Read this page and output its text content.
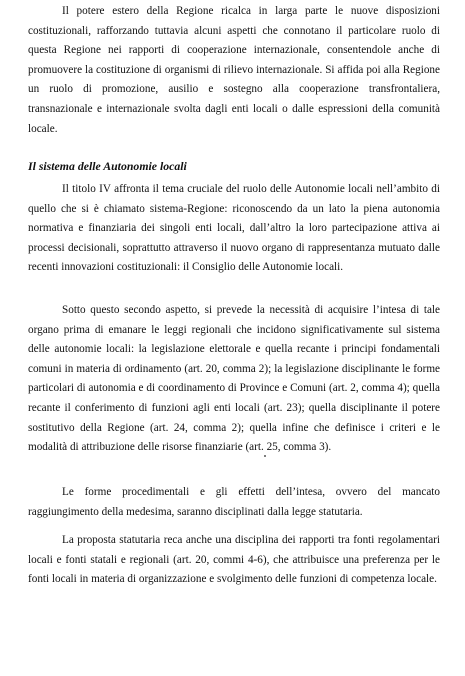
Il potere estero della Regione ricalca in larga parte le nuove disposizioni costituzionali, rafforzando tuttavia alcuni aspetti che connotano il particolare ruolo di questa Regione nei rapporti di cooperazione internazionale, consentendole anche di promuovere la costituzione di organismi di rilievo internazionale. Si affida poi alla Regione un ruolo di promozione, ausilio e sostegno alla cooperazione transfrontaliera, transnazionale e internazionale svolta dagli enti locali o dalle espressioni della comunità locale.

Il sistema delle Autonomie locali

Il titolo IV affronta il tema cruciale del ruolo delle Autonomie locali nell’ambito di quello che si è chiamato sistema-Regione: riconoscendo da un lato la piena autonomia normativa e finanziaria dei singoli enti locali, dall’altro la loro partecipazione attiva ai processi decisionali, soprattutto attraverso il nuovo organo di rappresentanza mutuato dalle recenti innovazioni costituzionali: il Consiglio delle Autonomie locali.

Sotto questo secondo aspetto, si prevede la necessità di acquisire l’intesa di tale organo prima di emanare le leggi regionali che incidono significativamente sul sistema delle autonomie locali: la legislazione elettorale e quella recante i principi fondamentali comuni in materia di ordinamento (art. 20, comma 2); la legislazione disciplinante le forme particolari di autonomia e di coordinamento di Province e Comuni (art. 2, comma 4); quella recante il conferimento di funzioni agli enti locali (art. 23); quella disciplinante il potere sostitutivo della Regione (art. 24, comma 2); quella infine che definisce i criteri e le modalità di attribuzione delle risorse finanziarie (art. 25, comma 3).

Le forme procedimentali e gli effetti dell’intesa, ovvero del mancato raggiungimento della medesima, saranno disciplinati dalla legge statutaria.

La proposta statutaria reca anche una disciplina dei rapporti tra fonti regolamentari locali e fonti statali e regionali (art. 20, commi 4-6), che attribuisce una preferenza per le fonti locali in materia di organizzazione e svolgimento delle funzioni di competenza locale.
